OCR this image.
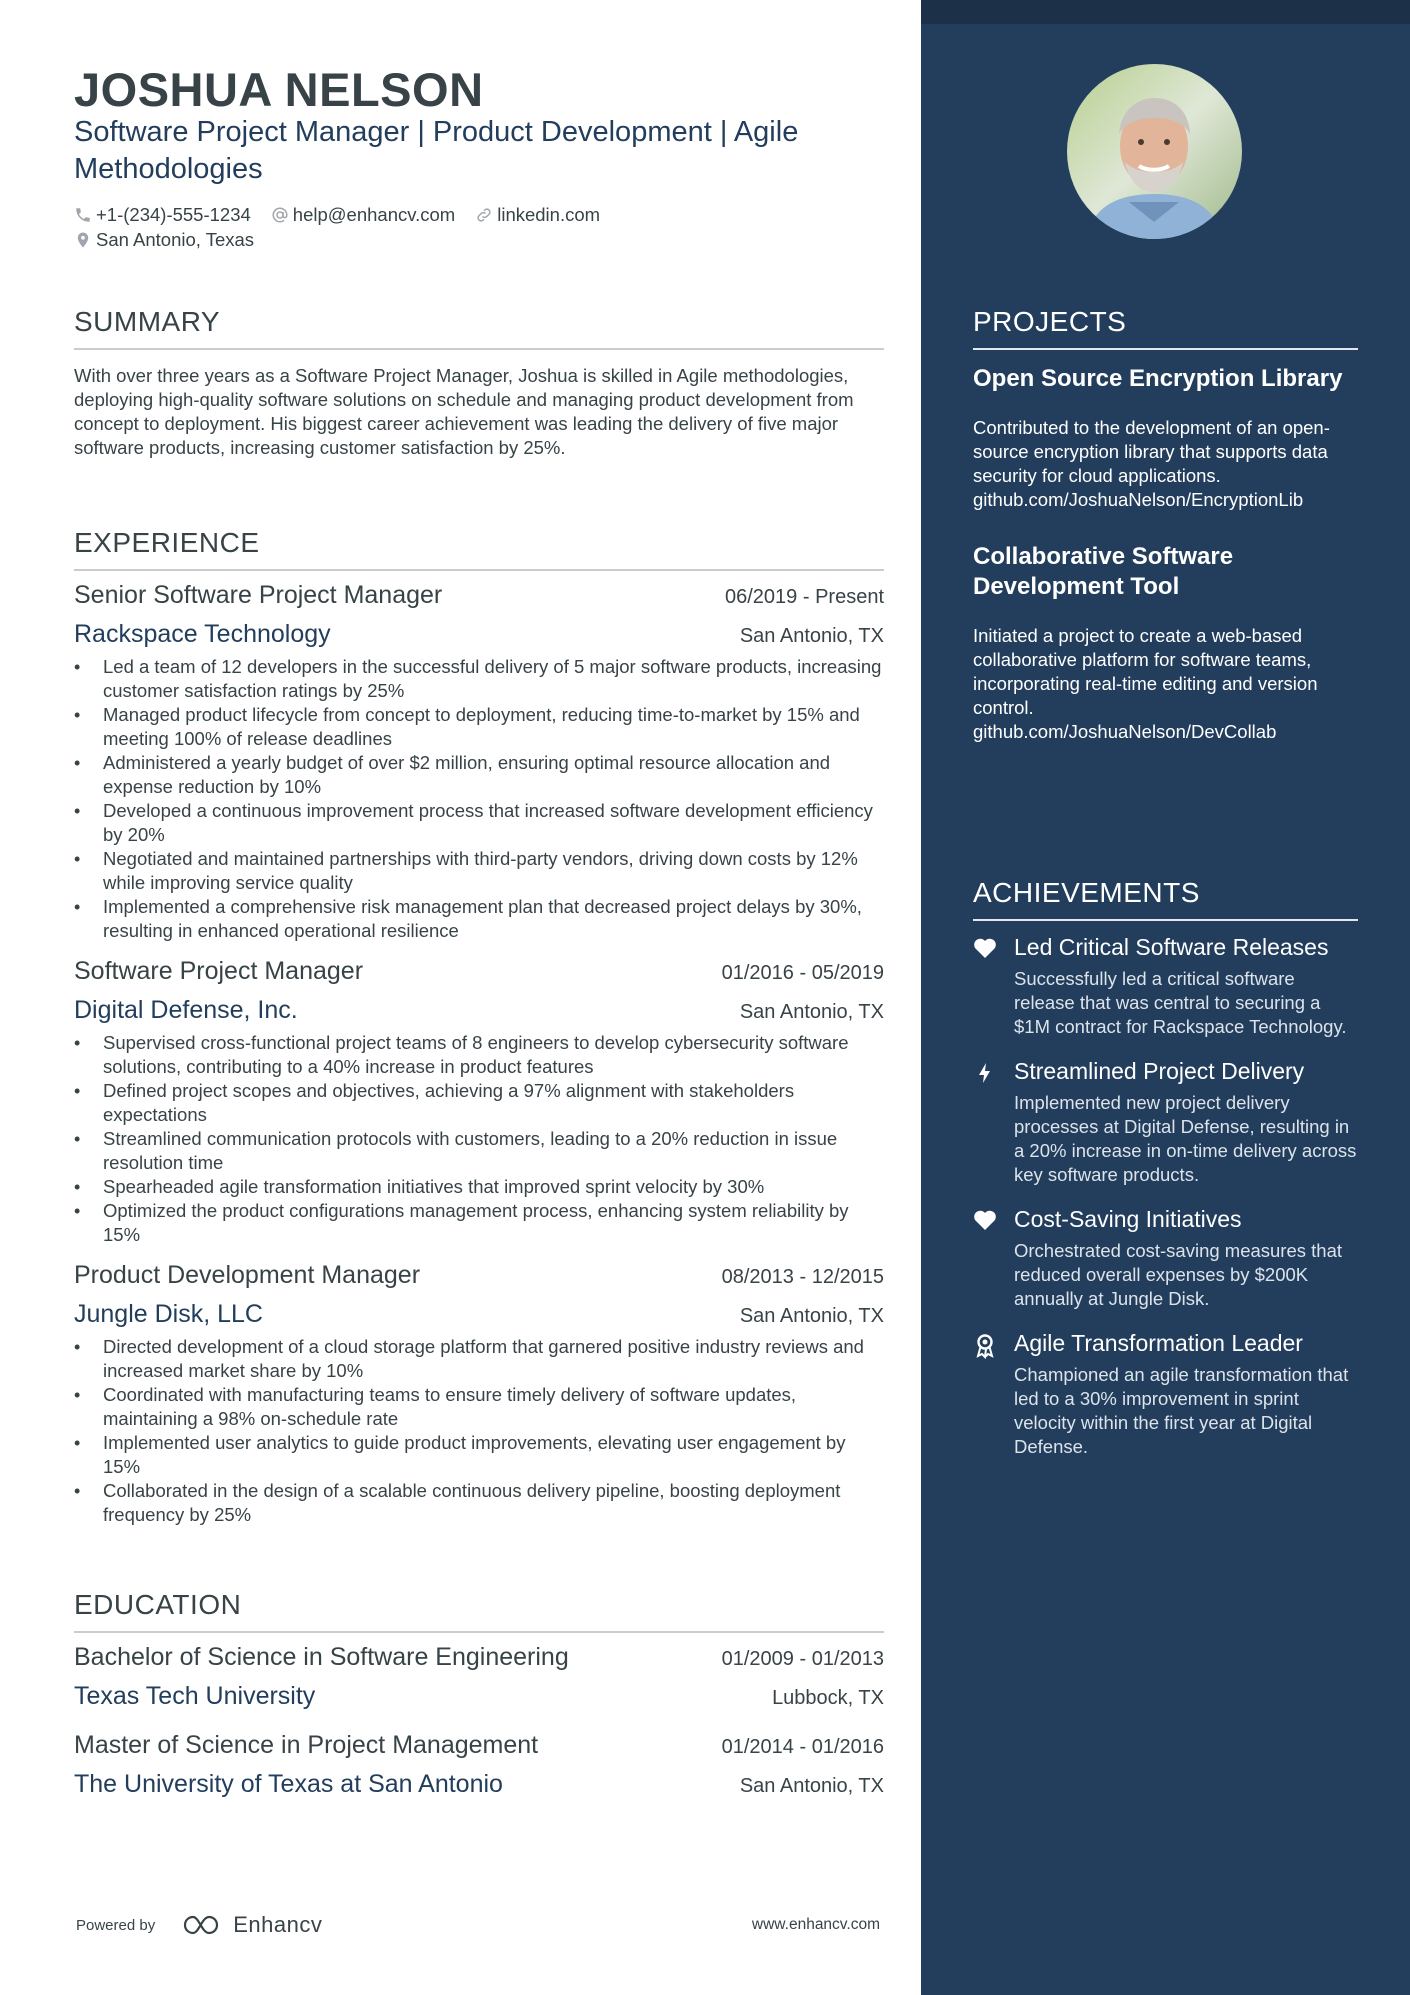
JOSHUA NELSON
Software Project Manager | Product Development | Agile Methodologies
+1-(234)-555-1234 help@enhancv.com linkedin.com
San Antonio, Texas
SUMMARY
With over three years as a Software Project Manager, Joshua is skilled in Agile methodologies, deploying high-quality software solutions on schedule and managing product development from concept to deployment. His biggest career achievement was leading the delivery of five major software products, increasing customer satisfaction by 25%.
EXPERIENCE
Senior Software Project Manager	06/2019 - Present
Rackspace Technology	San Antonio, TX
• Led a team of 12 developers in the successful delivery of 5 major software products, increasing customer satisfaction ratings by 25%
• Managed product lifecycle from concept to deployment, reducing time-to-market by 15% and meeting 100% of release deadlines
• Administered a yearly budget of over $2 million, ensuring optimal resource allocation and expense reduction by 10%
• Developed a continuous improvement process that increased software development efficiency by 20%
• Negotiated and maintained partnerships with third-party vendors, driving down costs by 12% while improving service quality
• Implemented a comprehensive risk management plan that decreased project delays by 30%, resulting in enhanced operational resilience
Software Project Manager	01/2016 - 05/2019
Digital Defense, Inc.	San Antonio, TX
• Supervised cross-functional project teams of 8 engineers to develop cybersecurity software solutions, contributing to a 40% increase in product features
• Defined project scopes and objectives, achieving a 97% alignment with stakeholders expectations
• Streamlined communication protocols with customers, leading to a 20% reduction in issue resolution time
• Spearheaded agile transformation initiatives that improved sprint velocity by 30%
• Optimized the product configurations management process, enhancing system reliability by 15%
Product Development Manager	08/2013 - 12/2015
Jungle Disk, LLC	San Antonio, TX
• Directed development of a cloud storage platform that garnered positive industry reviews and increased market share by 10%
• Coordinated with manufacturing teams to ensure timely delivery of software updates, maintaining a 98% on-schedule rate
• Implemented user analytics to guide product improvements, elevating user engagement by 15%
• Collaborated in the design of a scalable continuous delivery pipeline, boosting deployment frequency by 25%
EDUCATION
Bachelor of Science in Software Engineering	01/2009 - 01/2013
Texas Tech University	Lubbock, TX
Master of Science in Project Management	01/2014 - 01/2016
The University of Texas at San Antonio	San Antonio, TX
Powered by	Enhancv	www.enhancv.com
PROJECTS
Open Source Encryption Library
Contributed to the development of an open-source encryption library that supports data security for cloud applications.
github.com/JoshuaNelson/EncryptionLib
Collaborative Software Development Tool
Initiated a project to create a web-based collaborative platform for software teams, incorporating real-time editing and version control.
github.com/JoshuaNelson/DevCollab
ACHIEVEMENTS
Led Critical Software Releases
Successfully led a critical software release that was central to securing a $1M contract for Rackspace Technology.
Streamlined Project Delivery
Implemented new project delivery processes at Digital Defense, resulting in a 20% increase in on-time delivery across key software products.
Cost-Saving Initiatives
Orchestrated cost-saving measures that reduced overall expenses by $200K annually at Jungle Disk.
Agile Transformation Leader
Championed an agile transformation that led to a 30% improvement in sprint velocity within the first year at Digital Defense.
